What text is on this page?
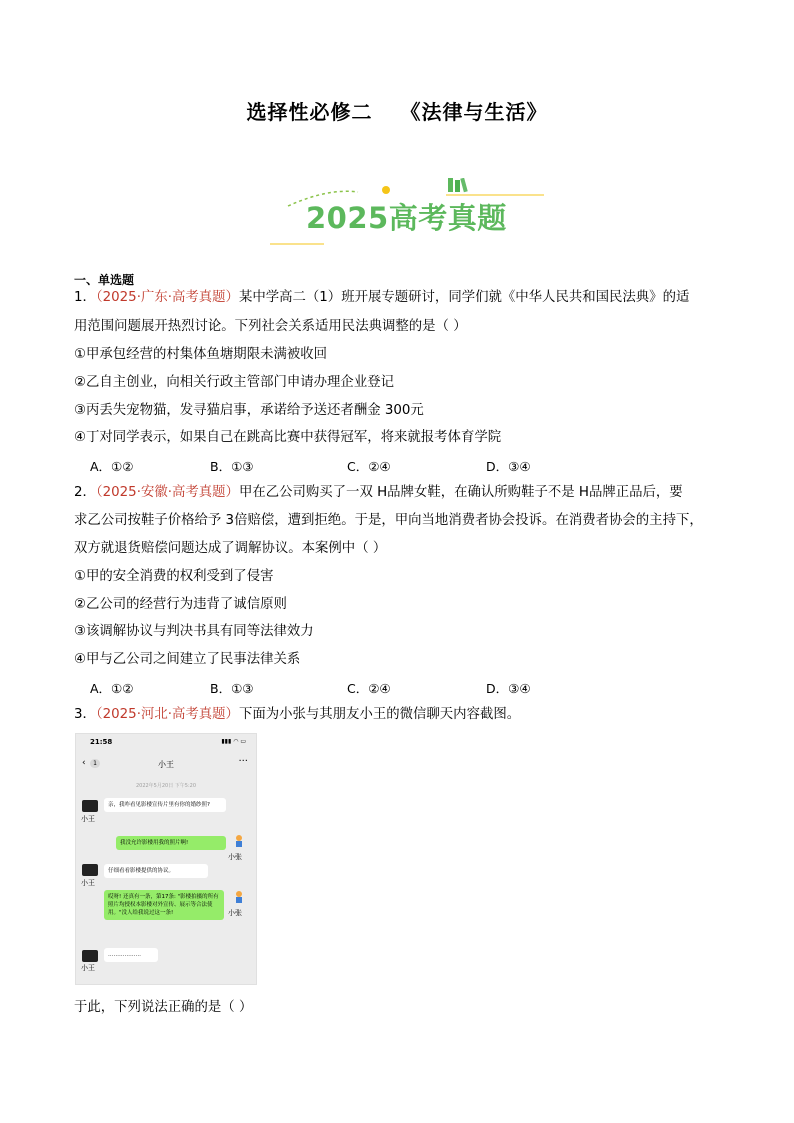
选择性必修二 《法律与生活》
2025高考真题
一、单选题
1．（2025·广东·高考真题）某中学高二（1）班开展专题研讨，同学们就《中华人民共和国民法典》的适
用范围问题展开热烈讨论。下列社会关系适用民法典调整的是（ ）
①甲承包经营的村集体鱼塘期限未满被收回
②乙自主创业，向相关行政主管部门申请办理企业登记
③丙丢失宠物猫，发寻猫启事，承诺给予送还者酬金 300元
④丁对同学表示，如果自己在跳高比赛中获得冠军，将来就报考体育学院
A．①②	B．①③	C．②④	D．③④
2．（2025·安徽·高考真题）甲在乙公司购买了一双 H品牌女鞋，在确认所购鞋子不是 H品牌正品后，要
求乙公司按鞋子价格给予 3倍赔偿，遭到拒绝。于是，甲向当地消费者协会投诉。在消费者协会的主持下，
双方就退货赔偿问题达成了调解协议。本案例中（ ）
①甲的安全消费的权利受到了侵害
②乙公司的经营行为违背了诚信原则
③该调解协议与判决书具有同等法律效力
④甲与乙公司之间建立了民事法律关系
A．①②	B．①③	C．②④	D．③④
3．（2025·河北·高考真题）下面为小张与其朋友小王的微信聊天内容截图。
21:58	▮▮▮ ◠ ▭
‹	1	小王	···
2022年5月20日 下午5:20
小王
亲，我咋看见影楼宣传片里有你的婚纱照?
小张
我没允许影楼用我的照片啊!
小王
仔细看看影楼提供的协议。
小张
哎呀! 还真有一条，第17条: "影楼拍摄的所有照片均授权本影楼对外宣传、展示等合法使用。"没人给我说过这一条!
小王
………………
于此，下列说法正确的是（ ）
